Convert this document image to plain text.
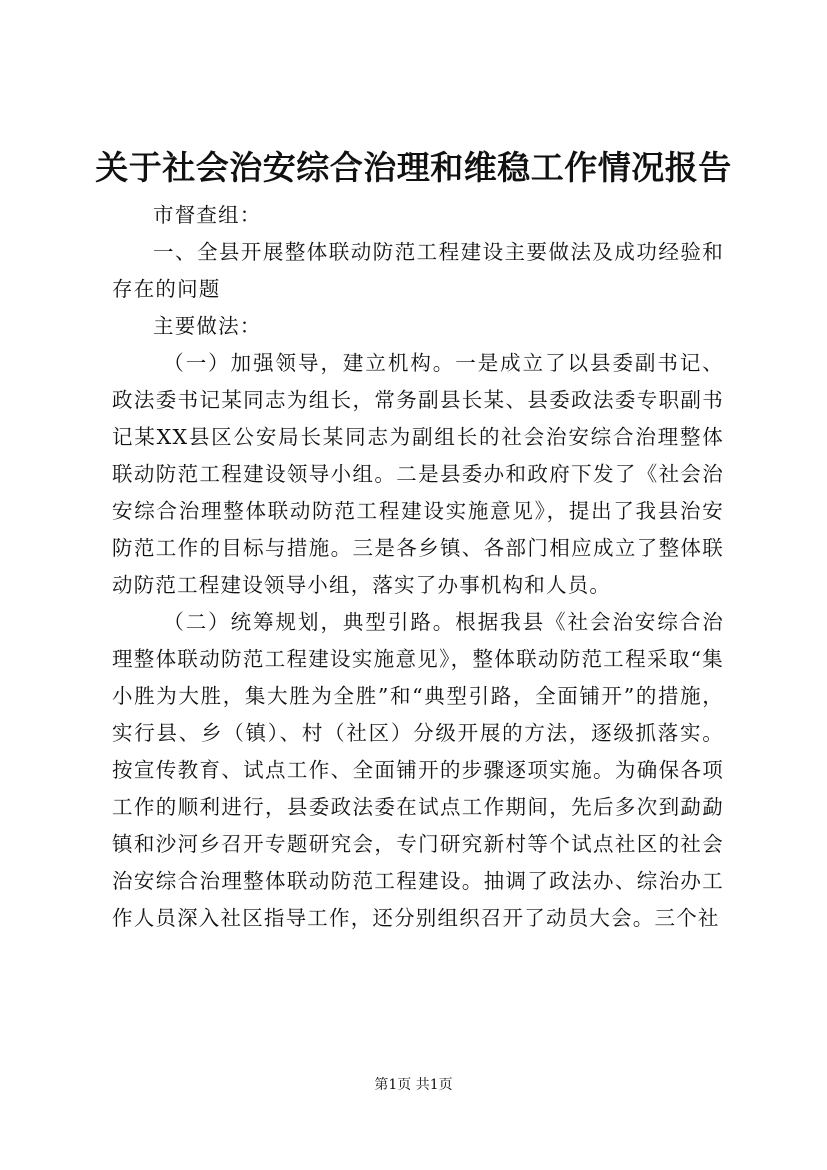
关于社会治安综合治理和维稳工作情况报告

市督查组：

一、全县开展整体联动防范工程建设主要做法及成功经验和存在的问题

主要做法：

（一）加强领导，建立机构。一是成立了以县委副书记、政法委书记某同志为组长，常务副县长某、县委政法委专职副书记某XX县区公安局长某同志为副组长的社会治安综合治理整体联动防范工程建设领导小组。二是县委办和政府下发了《社会治安综合治理整体联动防范工程建设实施意见》，提出了我县治安防范工作的目标与措施。三是各乡镇、各部门相应成立了整体联动防范工程建设领导小组，落实了办事机构和人员。

（二）统筹规划，典型引路。根据我县《社会治安综合治理整体联动防范工程建设实施意见》，整体联动防范工程采取“集小胜为大胜，集大胜为全胜”和“典型引路，全面铺开”的措施，实行县、乡（镇）、村（社区）分级开展的方法，逐级抓落实。按宣传教育、试点工作、全面铺开的步骤逐项实施。为确保各项工作的顺利进行，县委政法委在试点工作期间，先后多次到勐勐镇和沙河乡召开专题研究会，专门研究新村等个试点社区的社会治安综合治理整体联动防范工程建设。抽调了政法办、综治办工作人员深入社区指导工作，还分别组织召开了动员大会。三个社

第1页 共1页
